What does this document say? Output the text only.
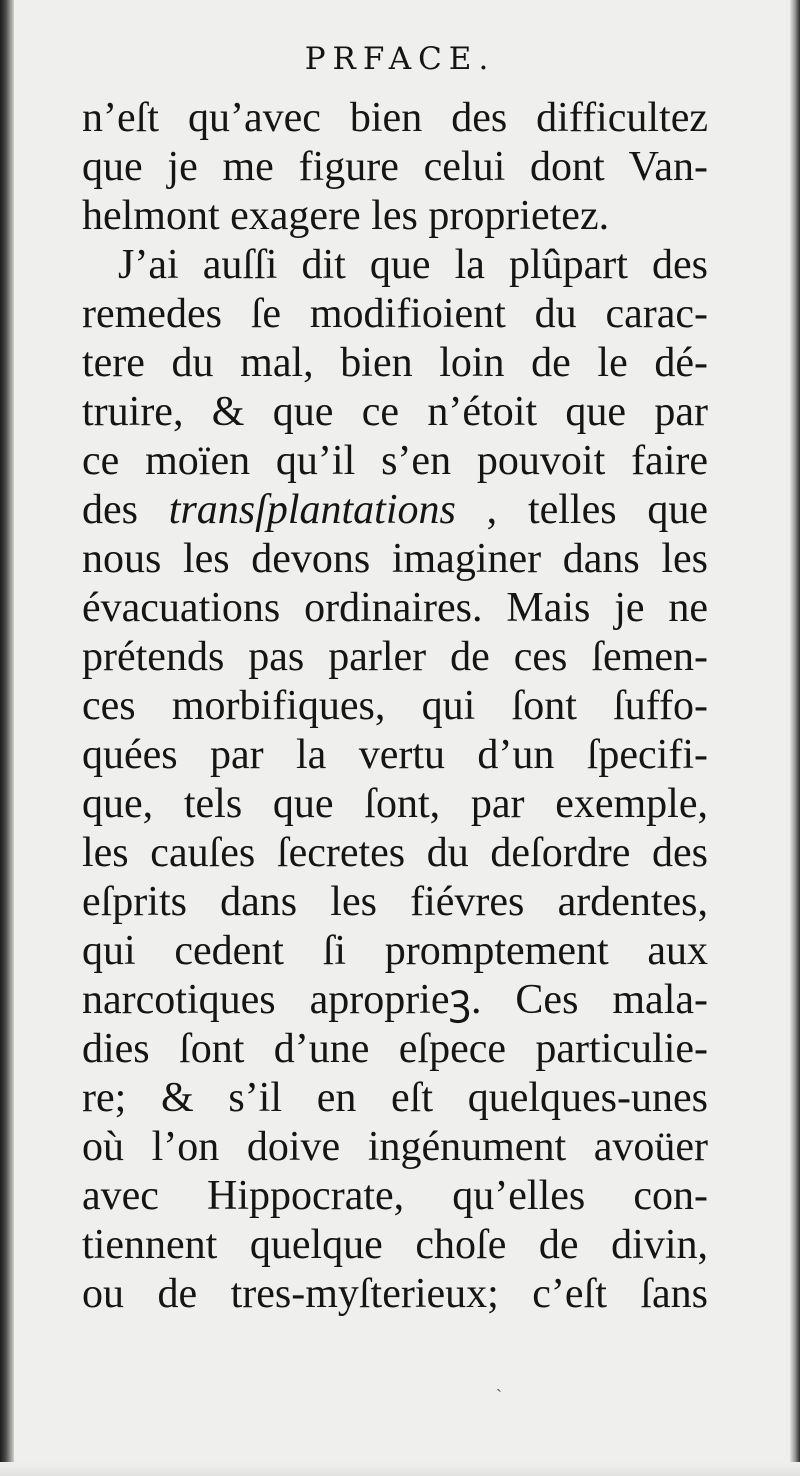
PRFACE.
n’eſt qu’avec bien des difficultez
que je me figure celui dont Van-
helmont exagere les proprietez.
J’ai auſſi dit que la plûpart des
remedes ſe modifioient du carac-
tere du mal, bien loin de le dé-
truire, & que ce n’étoit que par
ce moïen qu’il s’en pouvoit faire
des transſplantations , telles que
nous les devons imaginer dans les
évacuations ordinaires. Mais je ne
prétends pas parler de ces ſemen-
ces morbifiques, qui ſont ſuffo-
quées par la vertu d’un ſpecifi-
que, tels que ſont, par exemple,
les cauſes ſecretes du deſordre des
eſprits dans les fiévres ardentes,
qui cedent ſi promptement aux
narcotiques aproprieꝫ. Ces mala-
dies ſont d’une eſpece particulie-
re; & s’il en eſt quelques-unes
où l’on doive ingénument avoüer
avec Hippocrate, qu’elles con-
tiennent quelque choſe de divin,
ou de tres-myſterieux; c’eſt ſans
ˎ
